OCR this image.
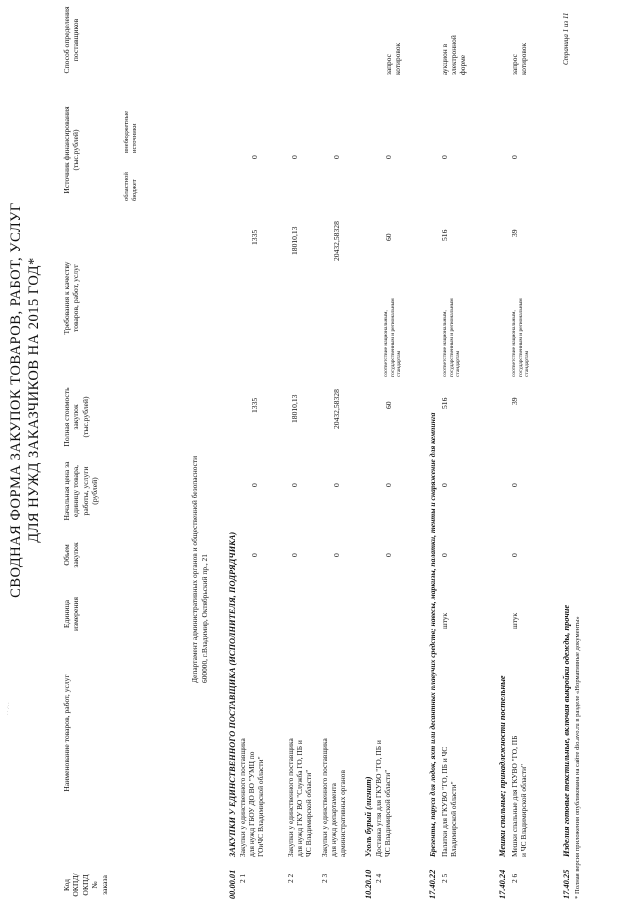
· · .·. .
СВОДНАЯ ФОРМА ЗАКУПОК ТОВАРОВ, РАБОТ, УСЛУГ ДЛЯ НУЖД ЗАКАЗЧИКОВ НА 2015 ГОД*
Код ОКПД/ ОКПД № заказа
Наименование товаров, работ, услуг
Единица измерения
Объем закупок
Начальная цена за единицу товара, работы, услуги (рублей)
Полная стоимость закупок (тыс.рублей)
Требования к качеству товаров, работ, услуг
Источник финансирования (тыс.рублей)
областной бюджет
внебюджетные источники
Способ определения поставщиков
Департамент административных органов и общественной безопасности 600000, г.Владимир, Октябрьский пр., 21
00.00.01
ЗАКУПКИ У ЕДИНСТВЕННОГО ПОСТАВЩИКА (ИСПОЛНИТЕЛЯ, ПОДРЯДЧИКА)
2 1
Закупки у единственного поставщика для нужд ГБОУ ДО ВО "УМЦ по ГОиЧС Владимирской области"
0
0
1335
1335
0
2 2
Закупки у единственного поставщика для нужд ГКУ ВО "Служба ГО, ПБ и ЧС Владимирской области"
0
0
18010,13
18010,13
0
2 3
Закупки у единственного поставщика для нужд департамента административных органов
0
0
20432,58328
20432,58328
0
10.20.10
Уголь бурый (лигнит)
2 4
Доставка угля для ГКУВО "ГО, ПБ и ЧС Владимирской области"
0
0
60
соответствие национальным, государственным и региональным стандартам
60
0
запрос котировок
17.40.22
Брезенты, паруса для лодок, яхт или десантных плавучих средств; навесы, маркизы, палатки, тенты и снаряжение для кемпинга
2 5
Палатки для ГКУВО "ГО, ПБ и ЧС Владимирской области"
штук
0
0
516
соответствие национальным, государственным и региональным стандартам
516
0
аукцион в электронной форме
17.40.24
Мешки спальные; принадлежности постельные
2 6
Мешки спальные для ГКУВО "ГО, ПБ и ЧС Владимирской области"
штук
0
0
39
соответствие национальным, государственным и региональным стандартам
39
0
запрос котировок
17.40.25
Изделия готовые текстильные, включая выкройки одежды, прочие
Страница 1 из 11
* Полная версия приложения опубликована на сайте dio.avo.ru в разделе «Нормативные документы»
